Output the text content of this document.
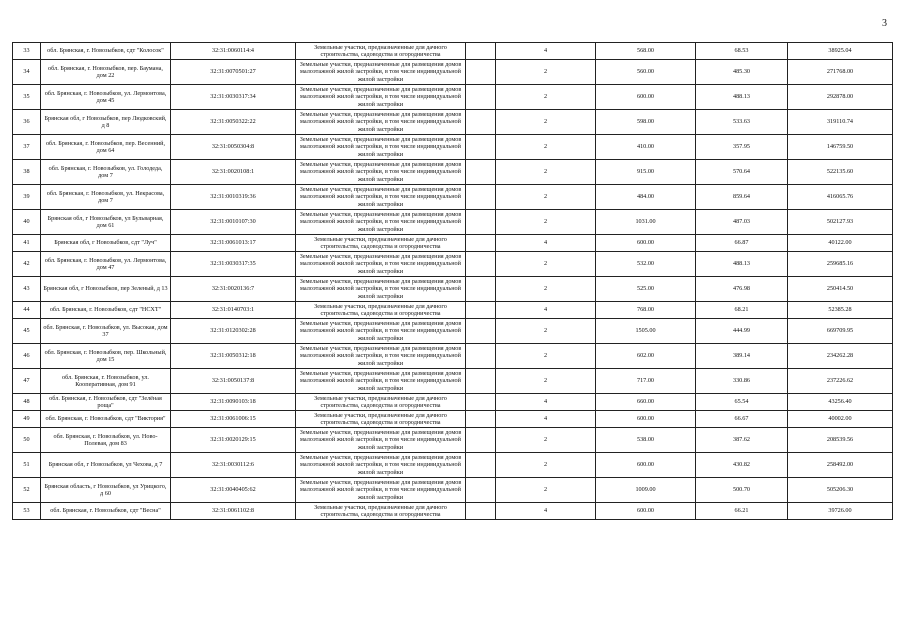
3
33	обл. Брянская, г. Новозыбков, сдт "Колосок"	32:31:0060114:4	Земельные участки, предназначенные для дачного строительства, садоводства и огородничества		4	568.00	68.53	38925.04
34	обл. Брянская, г. Новозыбков, пер. Баумана, дом 22	32:31:0070501:27	Земельные участки, предназначенные для размещения домов малоэтажной жилой застройки, в том числе индивидуальной жилой застройки		2	560.00	485.30	271768.00
35	обл. Брянская, г. Новозыбков, ул. Лермонтова, дом 45	32:31:0030317:34	Земельные участки, предназначенные для размещения домов малоэтажной жилой застройки, в том числе индивидуальной жилой застройки		2	600.00	488.13	292878.00
36	Брянская обл, г Новозыбков, пер Людковский, д 8	32:31:0050322:22	Земельные участки, предназначенные для размещения домов малоэтажной жилой застройки, в том числе индивидуальной жилой застройки		2	598.00	533.63	319110.74
37	обл. Брянская, г. Новозыбков, пер. Весенний, дом 64	32:31:0050304:8	Земельные участки, предназначенные для размещения домов малоэтажной жилой застройки, в том числе индивидуальной жилой застройки		2	410.00	357.95	146759.50
38	обл. Брянская, г. Новозыбков, ул. Голодеда, дом 7	32:31:0020108:1	Земельные участки, предназначенные для размещения домов малоэтажной жилой застройки, в том числе индивидуальной жилой застройки		2	915.00	570.64	522135.60
39	обл. Брянская, г. Новозыбков, ул. Некрасова, дом 7	32:31:0010319:36	Земельные участки, предназначенные для размещения домов малоэтажной жилой застройки, в том числе индивидуальной жилой застройки		2	484.00	859.64	416065.76
40	Брянская обл, г Новозыбков, ул Бульварная, дом 61	32:31:0010107:30	Земельные участки, предназначенные для размещения домов малоэтажной жилой застройки, в том числе индивидуальной жилой застройки		2	1031.00	487.03	502127.93
41	Брянская обл, г Новозыбков, сдт "Луч"	32:31:0061013:17	Земельные участки, предназначенные для дачного строительства, садоводства и огородничества		4	600.00	66.87	40122.00
42	обл. Брянская, г. Новозыбков, ул. Лермонтова, дом 47	32:31:0030317:35	Земельные участки, предназначенные для размещения домов малоэтажной жилой застройки, в том числе индивидуальной жилой застройки		2	532.00	488.13	259685.16
43	Брянская обл, г Новозыбков, пер Зеленый, д 13	32:31:0020136:7	Земельные участки, предназначенные для размещения домов малоэтажной жилой застройки, в том числе индивидуальной жилой застройки		2	525.00	476.98	250414.50
44	обл. Брянская, г. Новозыбков, сдт "НСХТ"	32:31:0140703:1	Земельные участки, предназначенные для дачного строительства, садоводства и огородничества		4	768.00	68.21	52385.28
45	обл. Брянская, г. Новозыбков, ул. Высокая, дом 37	32:31:0120302:28	Земельные участки, предназначенные для размещения домов малоэтажной жилой застройки, в том числе индивидуальной жилой застройки		2	1505.00	444.99	669709.95
46	обл. Брянская, г. Новозыбков, пер. Школьный, дом 15	32:31:0050312:18	Земельные участки, предназначенные для размещения домов малоэтажной жилой застройки, в том числе индивидуальной жилой застройки		2	602.00	389.14	234262.28
47	обл. Брянская, г. Новозыбков, ул. Кооперативная, дом 91	32:31:0050137:8	Земельные участки, предназначенные для размещения домов малоэтажной жилой застройки, в том числе индивидуальной жилой застройки		2	717.00	330.86	237226.62
48	обл. Брянская, г. Новозыбков, сдт "Зелёная роща"	32:31:0090103:18	Земельные участки, предназначенные для дачного строительства, садоводства и огородничества		4	660.00	65.54	43256.40
49	обл. Брянская, г. Новозыбков, сдт "Виктория"	32:31:0061006:15	Земельные участки, предназначенные для дачного строительства, садоводства и огородничества		4	600.00	66.67	40002.00
50	обл. Брянская, г. Новозыбков, ул. Ново-Полевая, дом 83	32:31:0020129:15	Земельные участки, предназначенные для размещения домов малоэтажной жилой застройки, в том числе индивидуальной жилой застройки		2	538.00	387.62	208539.56
51	Брянская обл, г Новозыбков, ул Чехова, д 7	32:31:0030112:6	Земельные участки, предназначенные для размещения домов малоэтажной жилой застройки, в том числе индивидуальной жилой застройки		2	600.00	430.82	258492.00
52	Брянская область, г Новозыбков, ул Урицкого, д 60	32:31:0040405:62	Земельные участки, предназначенные для размещения домов малоэтажной жилой застройки, в том числе индивидуальной жилой застройки		2	1009.00	500.70	505206.30
53	обл. Брянская, г. Новозыбков, сдт "Весна"	32:31:0061102:8	Земельные участки, предназначенные для дачного строительства, садоводства и огородничества		4	600.00	66.21	39726.00
